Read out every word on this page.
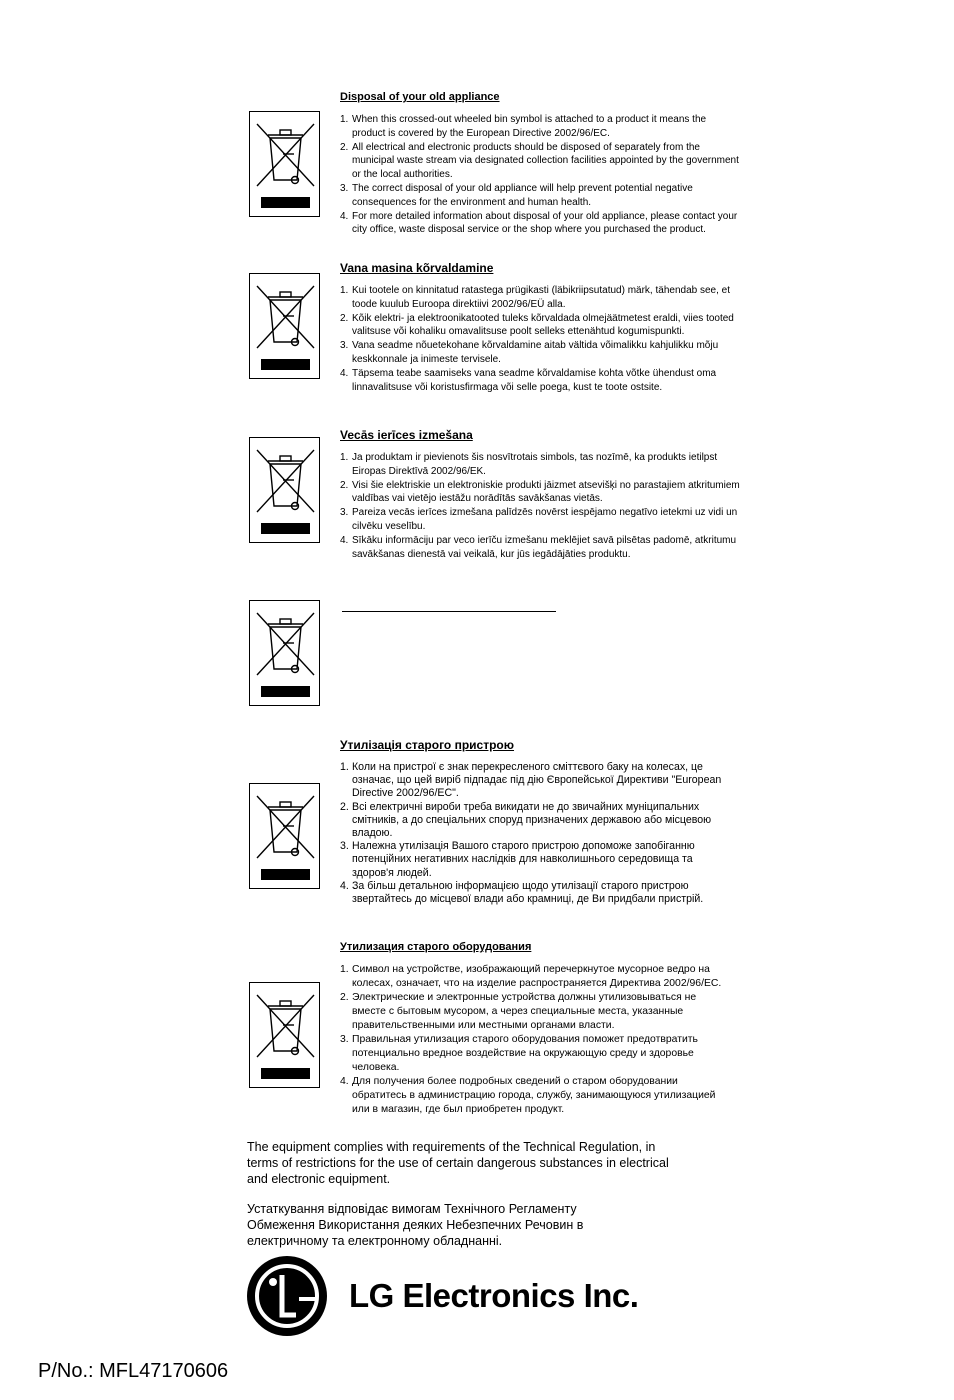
Disposal of your old appliance
1. When this crossed-out wheeled bin symbol is attached to a product it means the product is covered by the European Directive 2002/96/EC.
2. All electrical and electronic products should be disposed of separately from the municipal waste stream via designated collection facilities appointed by the government or the local authorities.
3. The correct disposal of your old appliance will help prevent potential negative consequences for the environment and human health.
4. For more detailed information about disposal of your old appliance, please contact your city office, waste disposal service or the shop where you purchased the product.
Vana masina kõrvaldamine
1. Kui tootele on kinnitatud ratastega prügikasti (läbikriipsutatud) märk, tähendab see, et toode kuulub Euroopa direktiivi 2002/96/EÜ alla.
2. Kõik elektri- ja elektroonikatooted tuleks kõrvaldada olmejäätmetest eraldi, viies tooted valitsuse või kohaliku omavalitsuse poolt selleks ettenähtud kogumispunkti.
3. Vana seadme nõuetekohane kõrvaldamine aitab vältida võimalikku kahjulikku mõju keskkonnale ja inimeste tervisele.
4. Täpsema teabe saamiseks vana seadme kõrvaldamise kohta võtke ühendust oma linnavalitsuse või koristusfirmaga või selle poega, kust te toote ostsite.
Vecās ierīces izmešana
1. Ja produktam ir pievienots šis nosvītrotais simbols, tas nozīmē, ka produkts ietilpst Eiropas Direktīvā 2002/96/EK.
2. Visi šie elektriskie un elektroniskie produkti jāizmet atsevišķi no parastajiem atkritumiem valdības vai vietējo iestāžu norādītās savākšanas vietās.
3. Pareiza vecās ierīces izmešana palīdzēs novērst iespējamo negatīvo ietekmi uz vidi un cilvēku veselību.
4. Sīkāku informāciju par veco ierīču izmešanu meklējiet savā pilsētas padomē, atkritumu savākšanas dienestā vai veikalā, kur jūs iegādājāties produktu.
Утилізація старого пристрою
1. Коли на пристрої є знак перекресленого сміттєвого баку на колесах, це означає, що цей виріб підпадає під дію Європейської Директиви "European Directive 2002/96/EC".
2. Всі електричні вироби треба викидати не до звичайних муніципальних смітників, а до спеціальних споруд призначених державою або місцевою владою.
3. Належна утилізація Вашого старого пристрою допоможе запобіганню потенційних негативних наслідків для навколишнього середовища та здоров'я людей.
4. За більш детальною інформацією щодо утилізації старого пристрою звертайтесь до місцевої влади або крамниці, де Ви придбали пристрій.
Утилизация старого оборудования
1. Символ на устройстве, изображающий перечеркнутое мусорное ведро на колесах, означает, что на изделие распространяется Директива 2002/96/EC.
2. Электрические и электронные устройства должны утилизовываться не вместе с бытовым мусором, а через специальные места, указанные правительственными или местными органами власти.
3. Правильная утилизация старого оборудования поможет предотвратить потенциально вредное воздействие на окружающую среду и здоровье человека.
4. Для получения более подробных сведений о старом оборудовании обратитесь в администрацию города, службу, занимающуюся утилизацией или в магазин, где был приобретен продукт.

The equipment complies with requirements of the Technical Regulation, in terms of restrictions for the use of certain dangerous substances in electrical and electronic equipment.

Устаткування відповідає вимогам Технічного Регламенту Обмеження Використання деяких Небезпечних Речовин в електричному та електронному обладнанні.

LG Electronics Inc.
P/No.: MFL47170606
